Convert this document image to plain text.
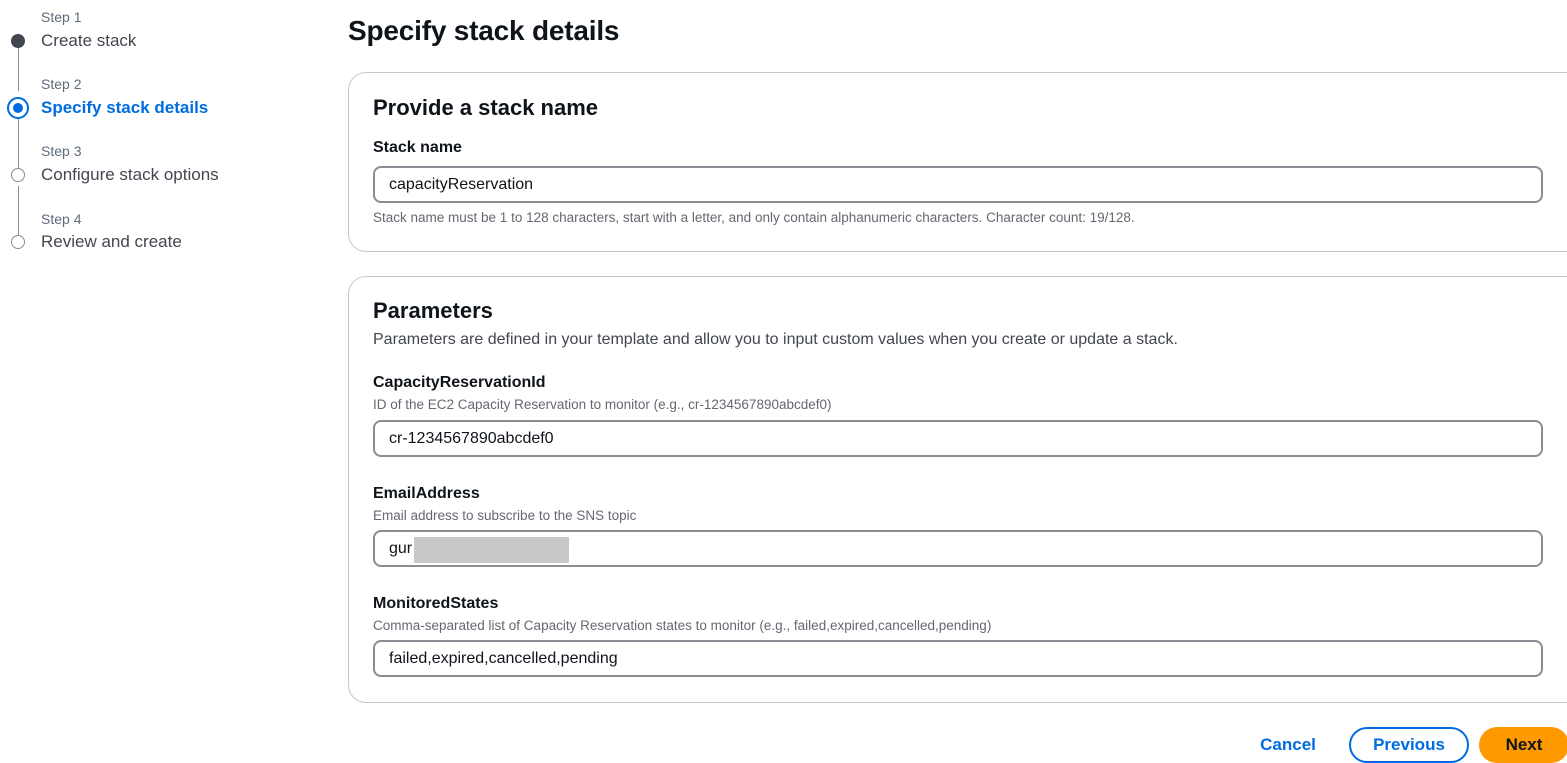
Step 1
Create stack
Step 2
Specify stack details
Step 3
Configure stack options
Step 4
Review and create
Specify stack details
Provide a stack name
Stack name
capacityReservation
Stack name must be 1 to 128 characters, start with a letter, and only contain alphanumeric characters. Character count: 19/128.
Parameters
Parameters are defined in your template and allow you to input custom values when you create or update a stack.
CapacityReservationId
ID of the EC2 Capacity Reservation to monitor (e.g., cr-1234567890abcdef0)
cr-1234567890abcdef0
EmailAddress
Email address to subscribe to the SNS topic
gur
MonitoredStates
Comma-separated list of Capacity Reservation states to monitor (e.g., failed,expired,cancelled,pending)
failed,expired,cancelled,pending
Cancel	Previous	Next
